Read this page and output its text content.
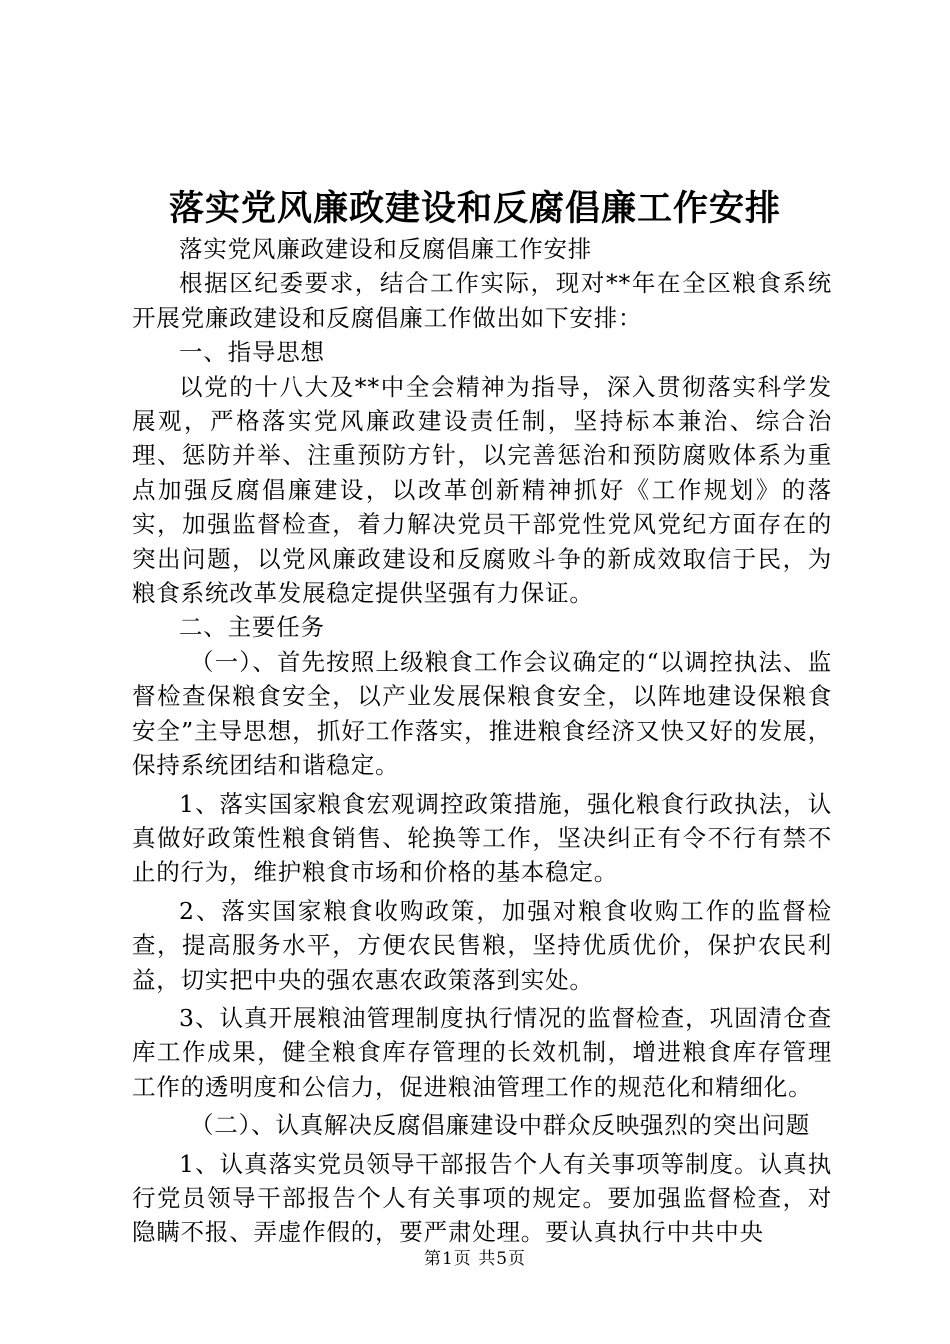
落实党风廉政建设和反腐倡廉工作安排

落实党风廉政建设和反腐倡廉工作安排

根据区纪委要求，结合工作实际，现对**年在全区粮食系统开展党廉政建设和反腐倡廉工作做出如下安排：

一、指导思想

以党的十八大及**中全会精神为指导，深入贯彻落实科学发展观，严格落实党风廉政建设责任制，坚持标本兼治、综合治理、惩防并举、注重预防方针，以完善惩治和预防腐败体系为重点加强反腐倡廉建设，以改革创新精神抓好《工作规划》的落实，加强监督检查，着力解决党员干部党性党风党纪方面存在的突出问题，以党风廉政建设和反腐败斗争的新成效取信于民，为粮食系统改革发展稳定提供坚强有力保证。

二、主要任务

（一）、首先按照上级粮食工作会议确定的“以调控执法、监督检查保粮食安全，以产业发展保粮食安全，以阵地建设保粮食安全”主导思想，抓好工作落实，推进粮食经济又快又好的发展，保持系统团结和谐稳定。

1、落实国家粮食宏观调控政策措施，强化粮食行政执法，认真做好政策性粮食销售、轮换等工作，坚决纠正有令不行有禁不止的行为，维护粮食市场和价格的基本稳定。

2、落实国家粮食收购政策，加强对粮食收购工作的监督检查，提高服务水平，方便农民售粮，坚持优质优价，保护农民利益，切实把中央的强农惠农政策落到实处。

3、认真开展粮油管理制度执行情况的监督检查，巩固清仓查库工作成果，健全粮食库存管理的长效机制，增进粮食库存管理工作的透明度和公信力，促进粮油管理工作的规范化和精细化。

（二）、认真解决反腐倡廉建设中群众反映强烈的突出问题

1、认真落实党员领导干部报告个人有关事项等制度。认真执行党员领导干部报告个人有关事项的规定。要加强监督检查，对隐瞒不报、弄虚作假的，要严肃处理。要认真执行中共中央

第1页 共5页
